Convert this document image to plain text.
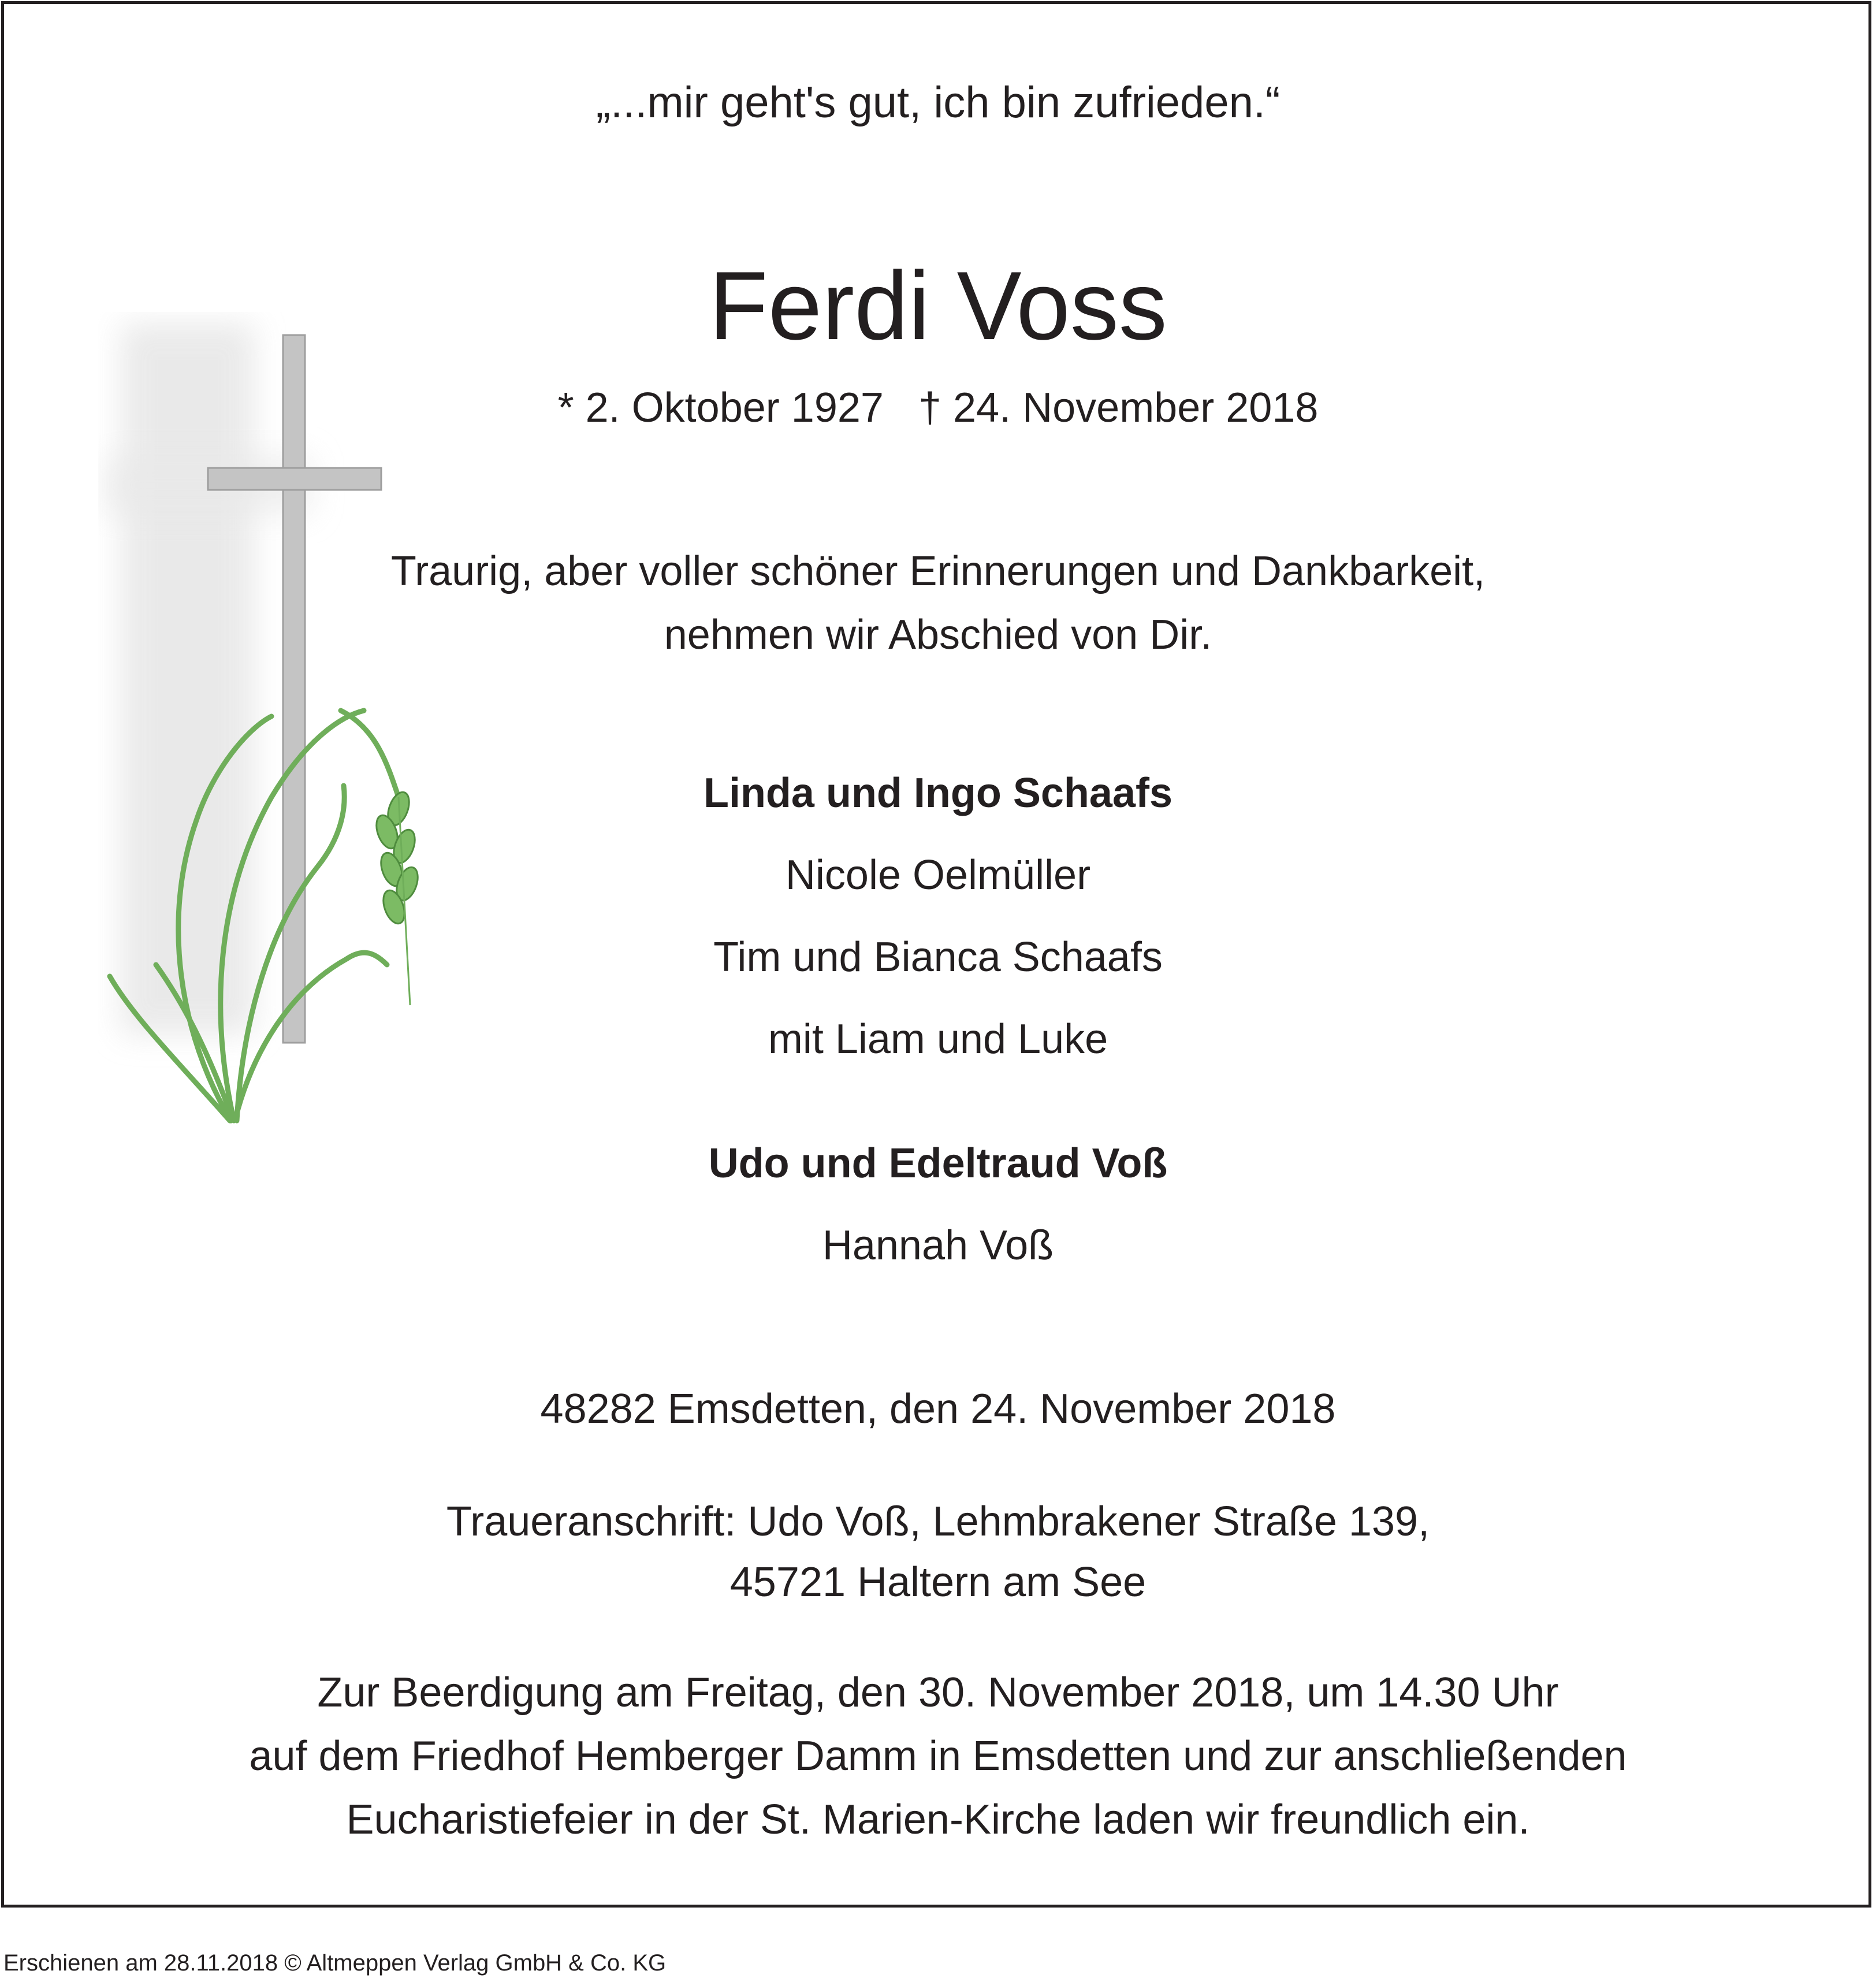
„...mir geht's gut, ich bin zufrieden.“
Ferdi Voss
* 2. Oktober 1927 † 24. November 2018
Traurig, aber voller schöner Erinnerungen und Dankbarkeit,
nehmen wir Abschied von Dir.
Linda und Ingo Schaafs
Nicole Oelmüller
Tim und Bianca Schaafs
mit Liam und Luke
Udo und Edeltraud Voß
Hannah Voß
48282 Emsdetten, den 24. November 2018
Traueranschrift: Udo Voß, Lehmbrakener Straße 139,
45721 Haltern am See
Zur Beerdigung am Freitag, den 30. November 2018, um 14.30 Uhr
auf dem Friedhof Hemberger Damm in Emsdetten und zur anschließenden
Eucharistiefeier in der St. Marien-Kirche laden wir freundlich ein.
Erschienen am 28.11.2018 © Altmeppen Verlag GmbH & Co. KG
